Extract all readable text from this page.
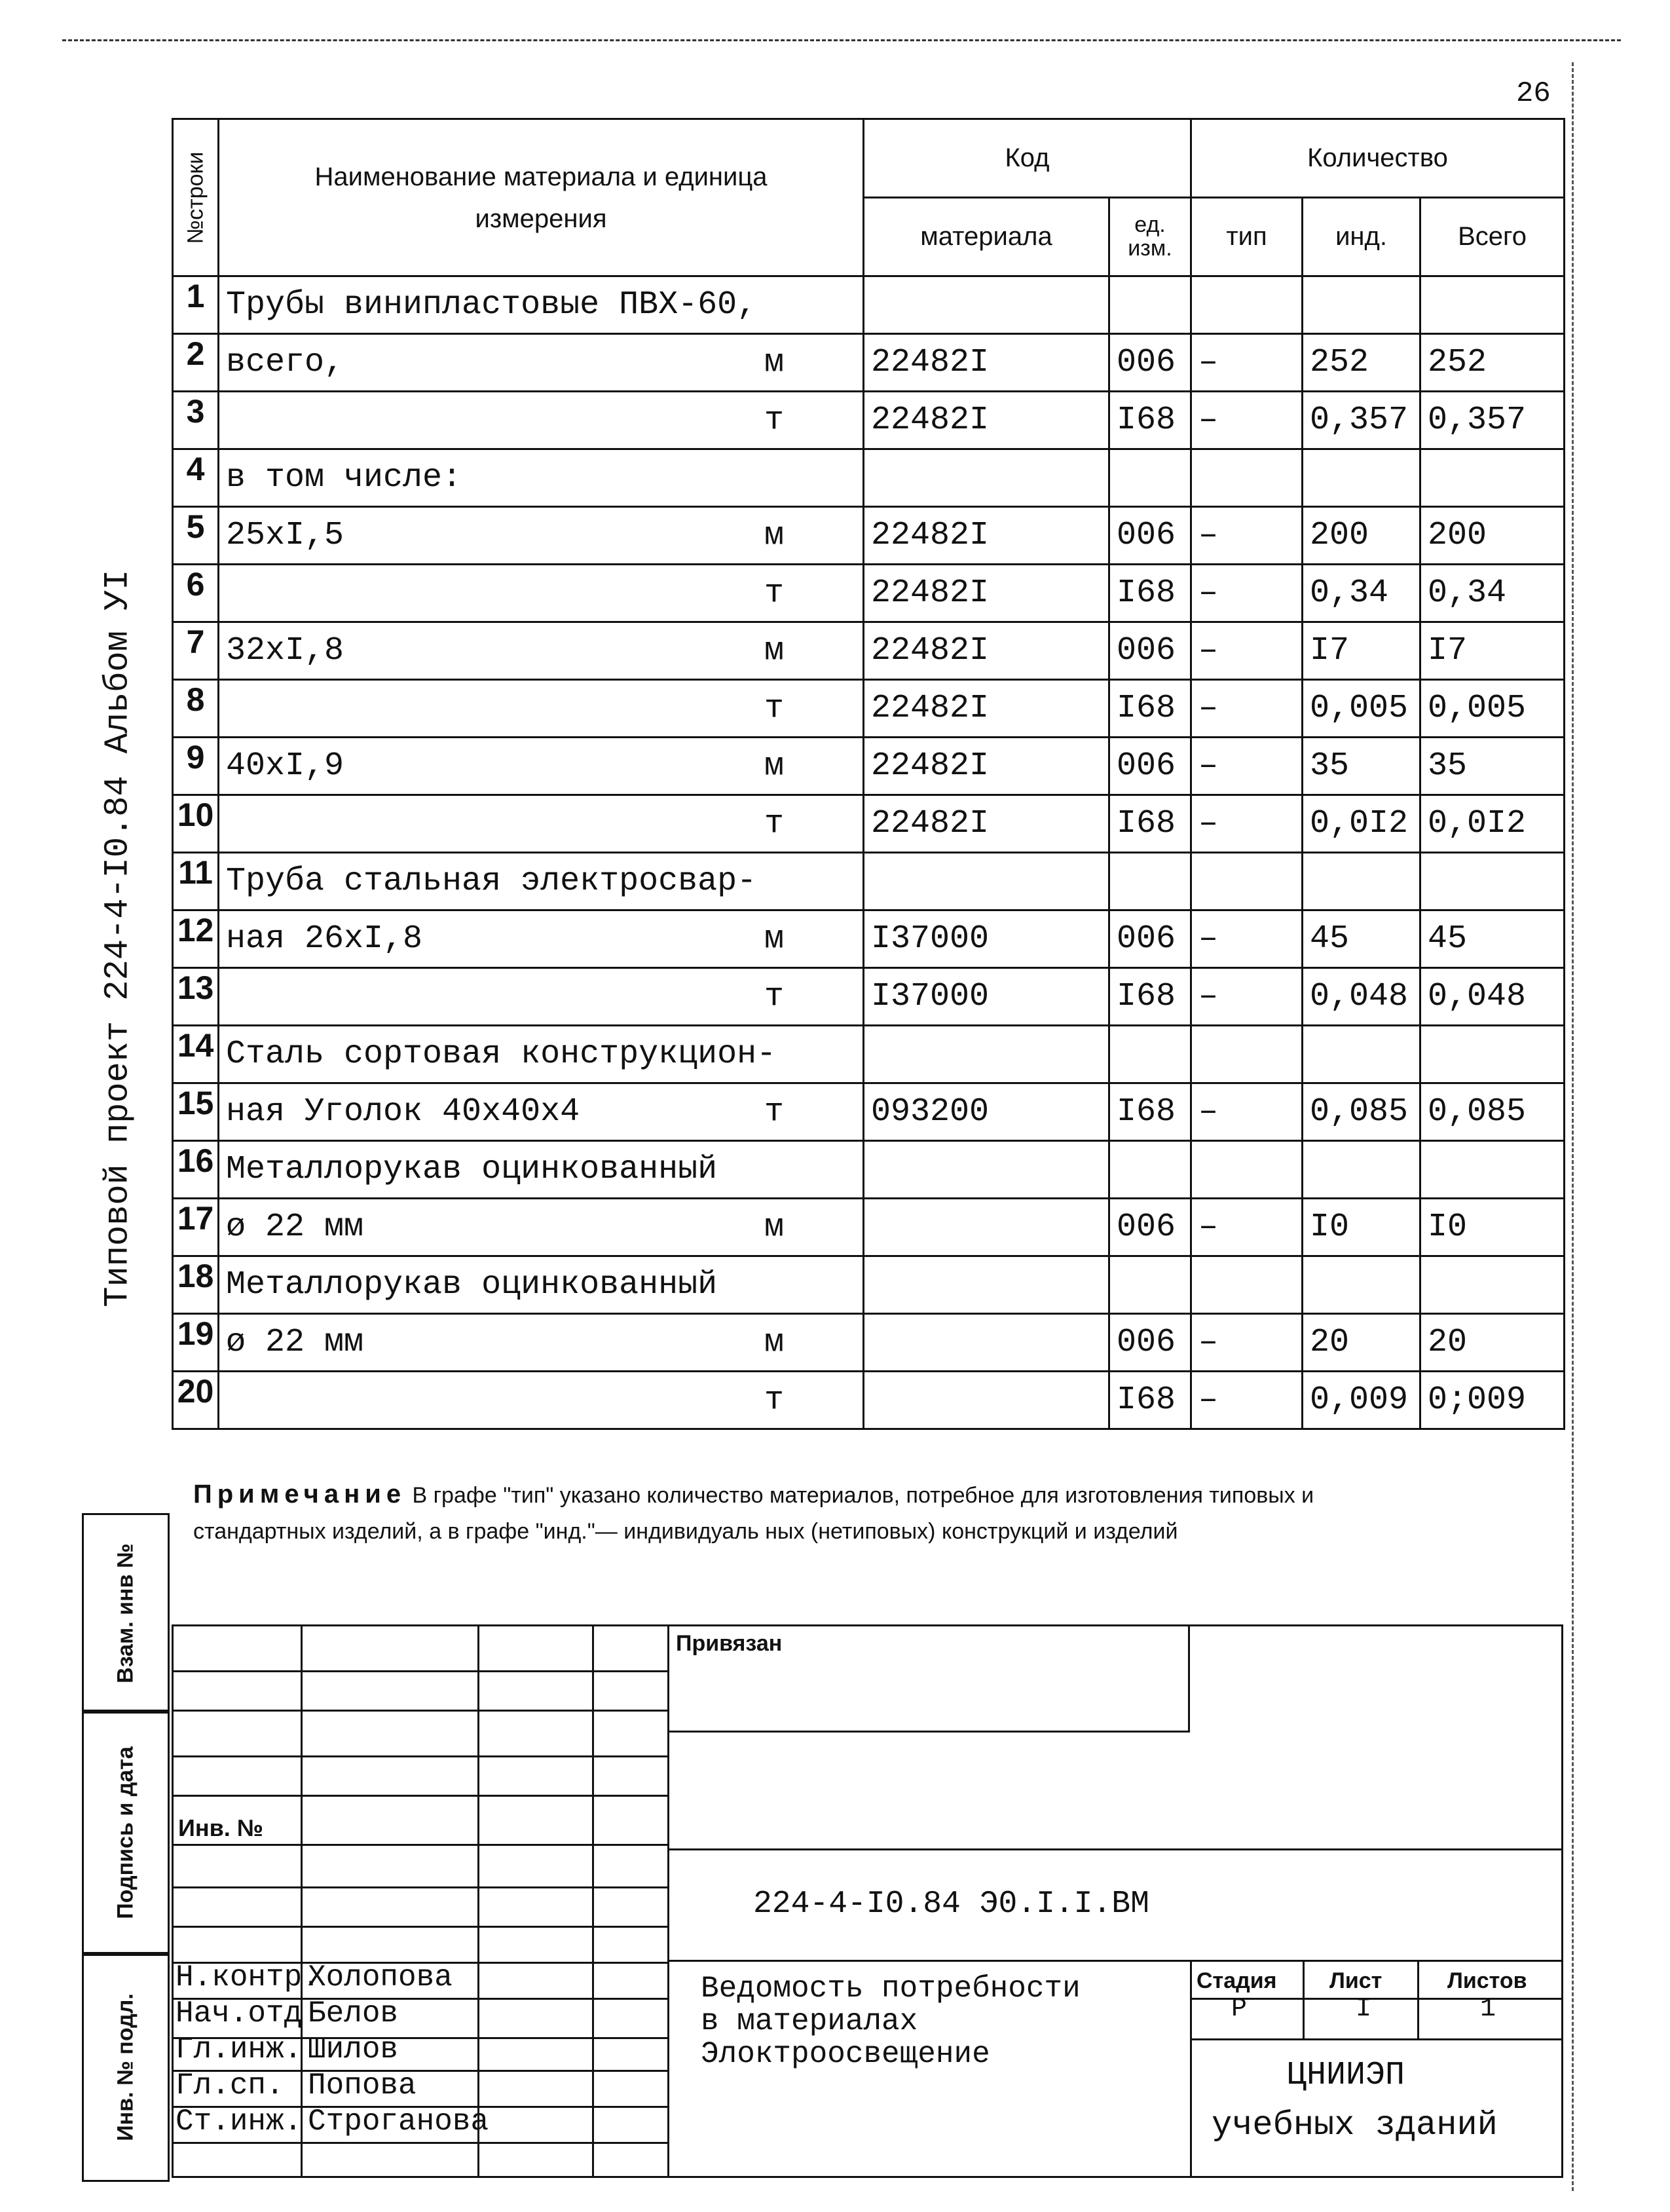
26
Альбом УI
Типовой проект 224-4-I0.84
№строки	Наименование материала и единица измерения	Код		Количество		
		материала	ед. изм.	тип	инд.	Всего
1	Трубы винипластовые ПВХ-60,

2	всего, м	22482I	006	–	252	252
3	т	22482I	I68	–	0,357	0,357
4	в том числе:

5	25xI,5 м	22482I	006	–	200	200
6	т	22482I	I68	–	0,34	0,34
7	32xI,8 м	22482I	006	–	I7	I7
8	т	22482I	I68	–	0,005	0,005
9	40xI,9 м	22482I	006	–	35	35
10	т	22482I	I68	–	0,0I2	0,0I2
11	Труба стальная электросвар-

12	ная 26xI,8 м	I37000	006	–	45	45
13	т	I37000	I68	–	0,048	0,048
14	Сталь сортовая конструкцион-

15	ная Уголок 40x40x4 т	093200	I68	–	0,085	0,085
16	Металлорукав оцинкованный

17	ø 22 мм м		006	–	I0	I0
18	Металлорукав оцинкованный

19	ø 22 мм м		006	–	20	20
20	т		I68	–	0,009	0;009
Примечание В графе "тип" указано количество материалов, потребное для изготовления типовых и стандартных изделий, а в графе "инд."— индивидуаль ных (нетиповых) конструкций и изделий
Взам. инв №
Подпись и дата
Инв. № подл.
Привязан
Инв. №
224-4-I0.84 Э0.I.I.ВМ
Н.контр.
Холопова
Нач.отд Белов
Гл.инж. Шилов
Гл.сп. Попова
Ст.инж. Строганова
Ведомость потребности
в материалах
Элоктроосвещение
Стадия Лист	Листов
Р	I	1
ЦНИИЭП
учебных зданий
